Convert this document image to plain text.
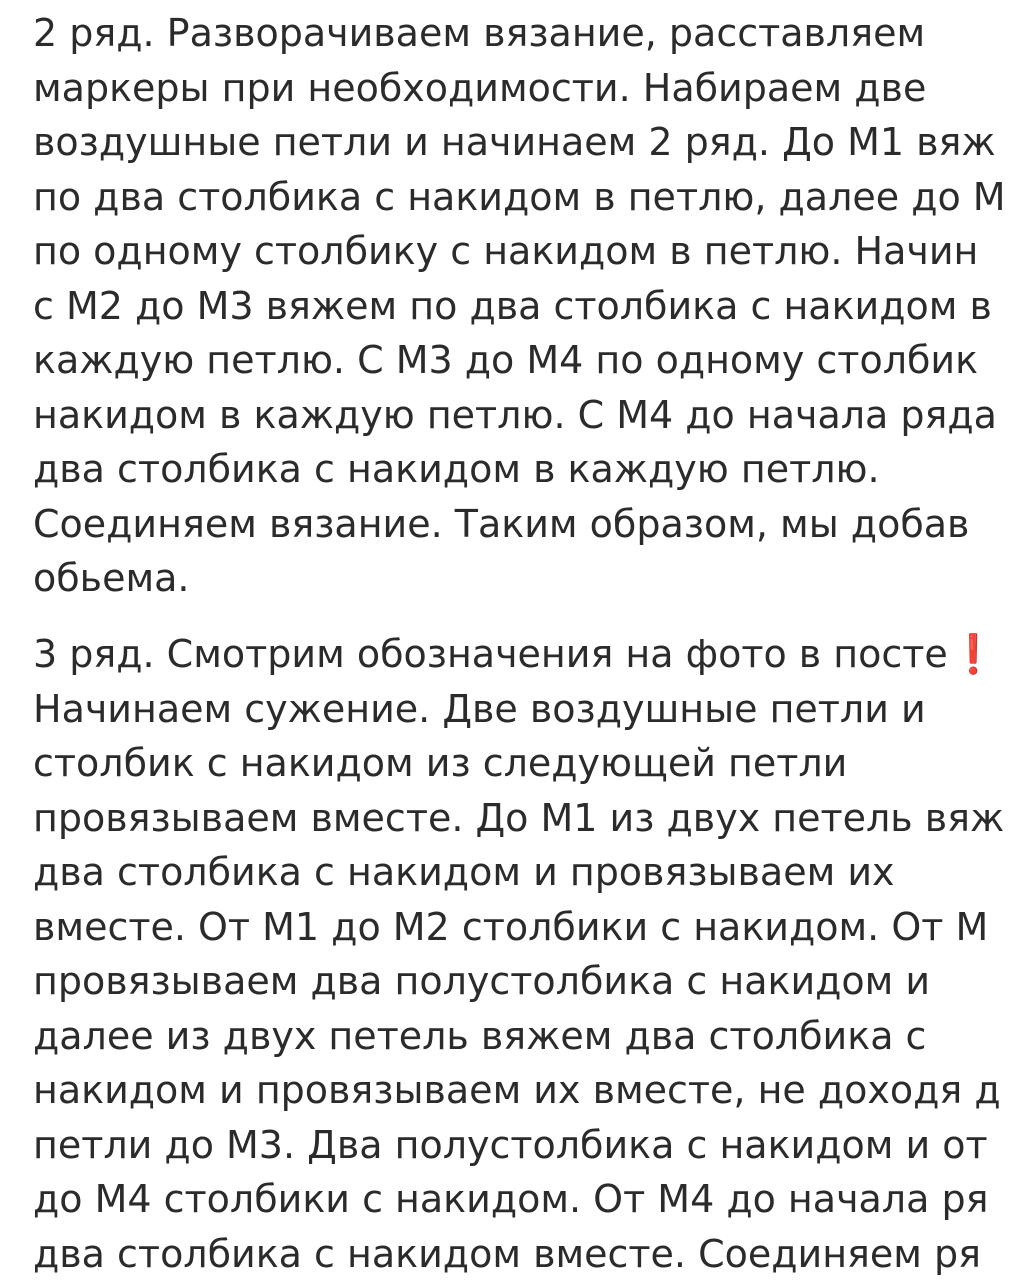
2 ряд. Разворачиваем вязание, расставляем
маркеры при необходимости. Набираем две
воздушные петли и начинаем 2 ряд. До М1 вяж
по два столбика с накидом в петлю, далее до М
по одному столбику с накидом в петлю. Начин
с М2 до М3 вяжем по два столбика с накидом в
каждую петлю. С М3 до М4 по одному столбик
накидом в каждую петлю. С М4 до начала ряда
два столбика с накидом в каждую петлю.
Соединяем вязание. Таким образом, мы добав
обьема.
3 ряд. Смотрим обозначения на фото в посте❗
Начинаем сужение. Две воздушные петли и
столбик с накидом из следующей петли
провязываем вместе. До М1 из двух петель вяж
два столбика с накидом и провязываем их
вместе. От М1 до М2 столбики с накидом. От М
провязываем два полустолбика с накидом и
далее из двух петель вяжем два столбика с
накидом и провязываем их вместе, не доходя д
петли до М3. Два полустолбика с накидом и от
до М4 столбики с накидом. От М4 до начала ря
два столбика с накидом вместе. Соединяем ря
